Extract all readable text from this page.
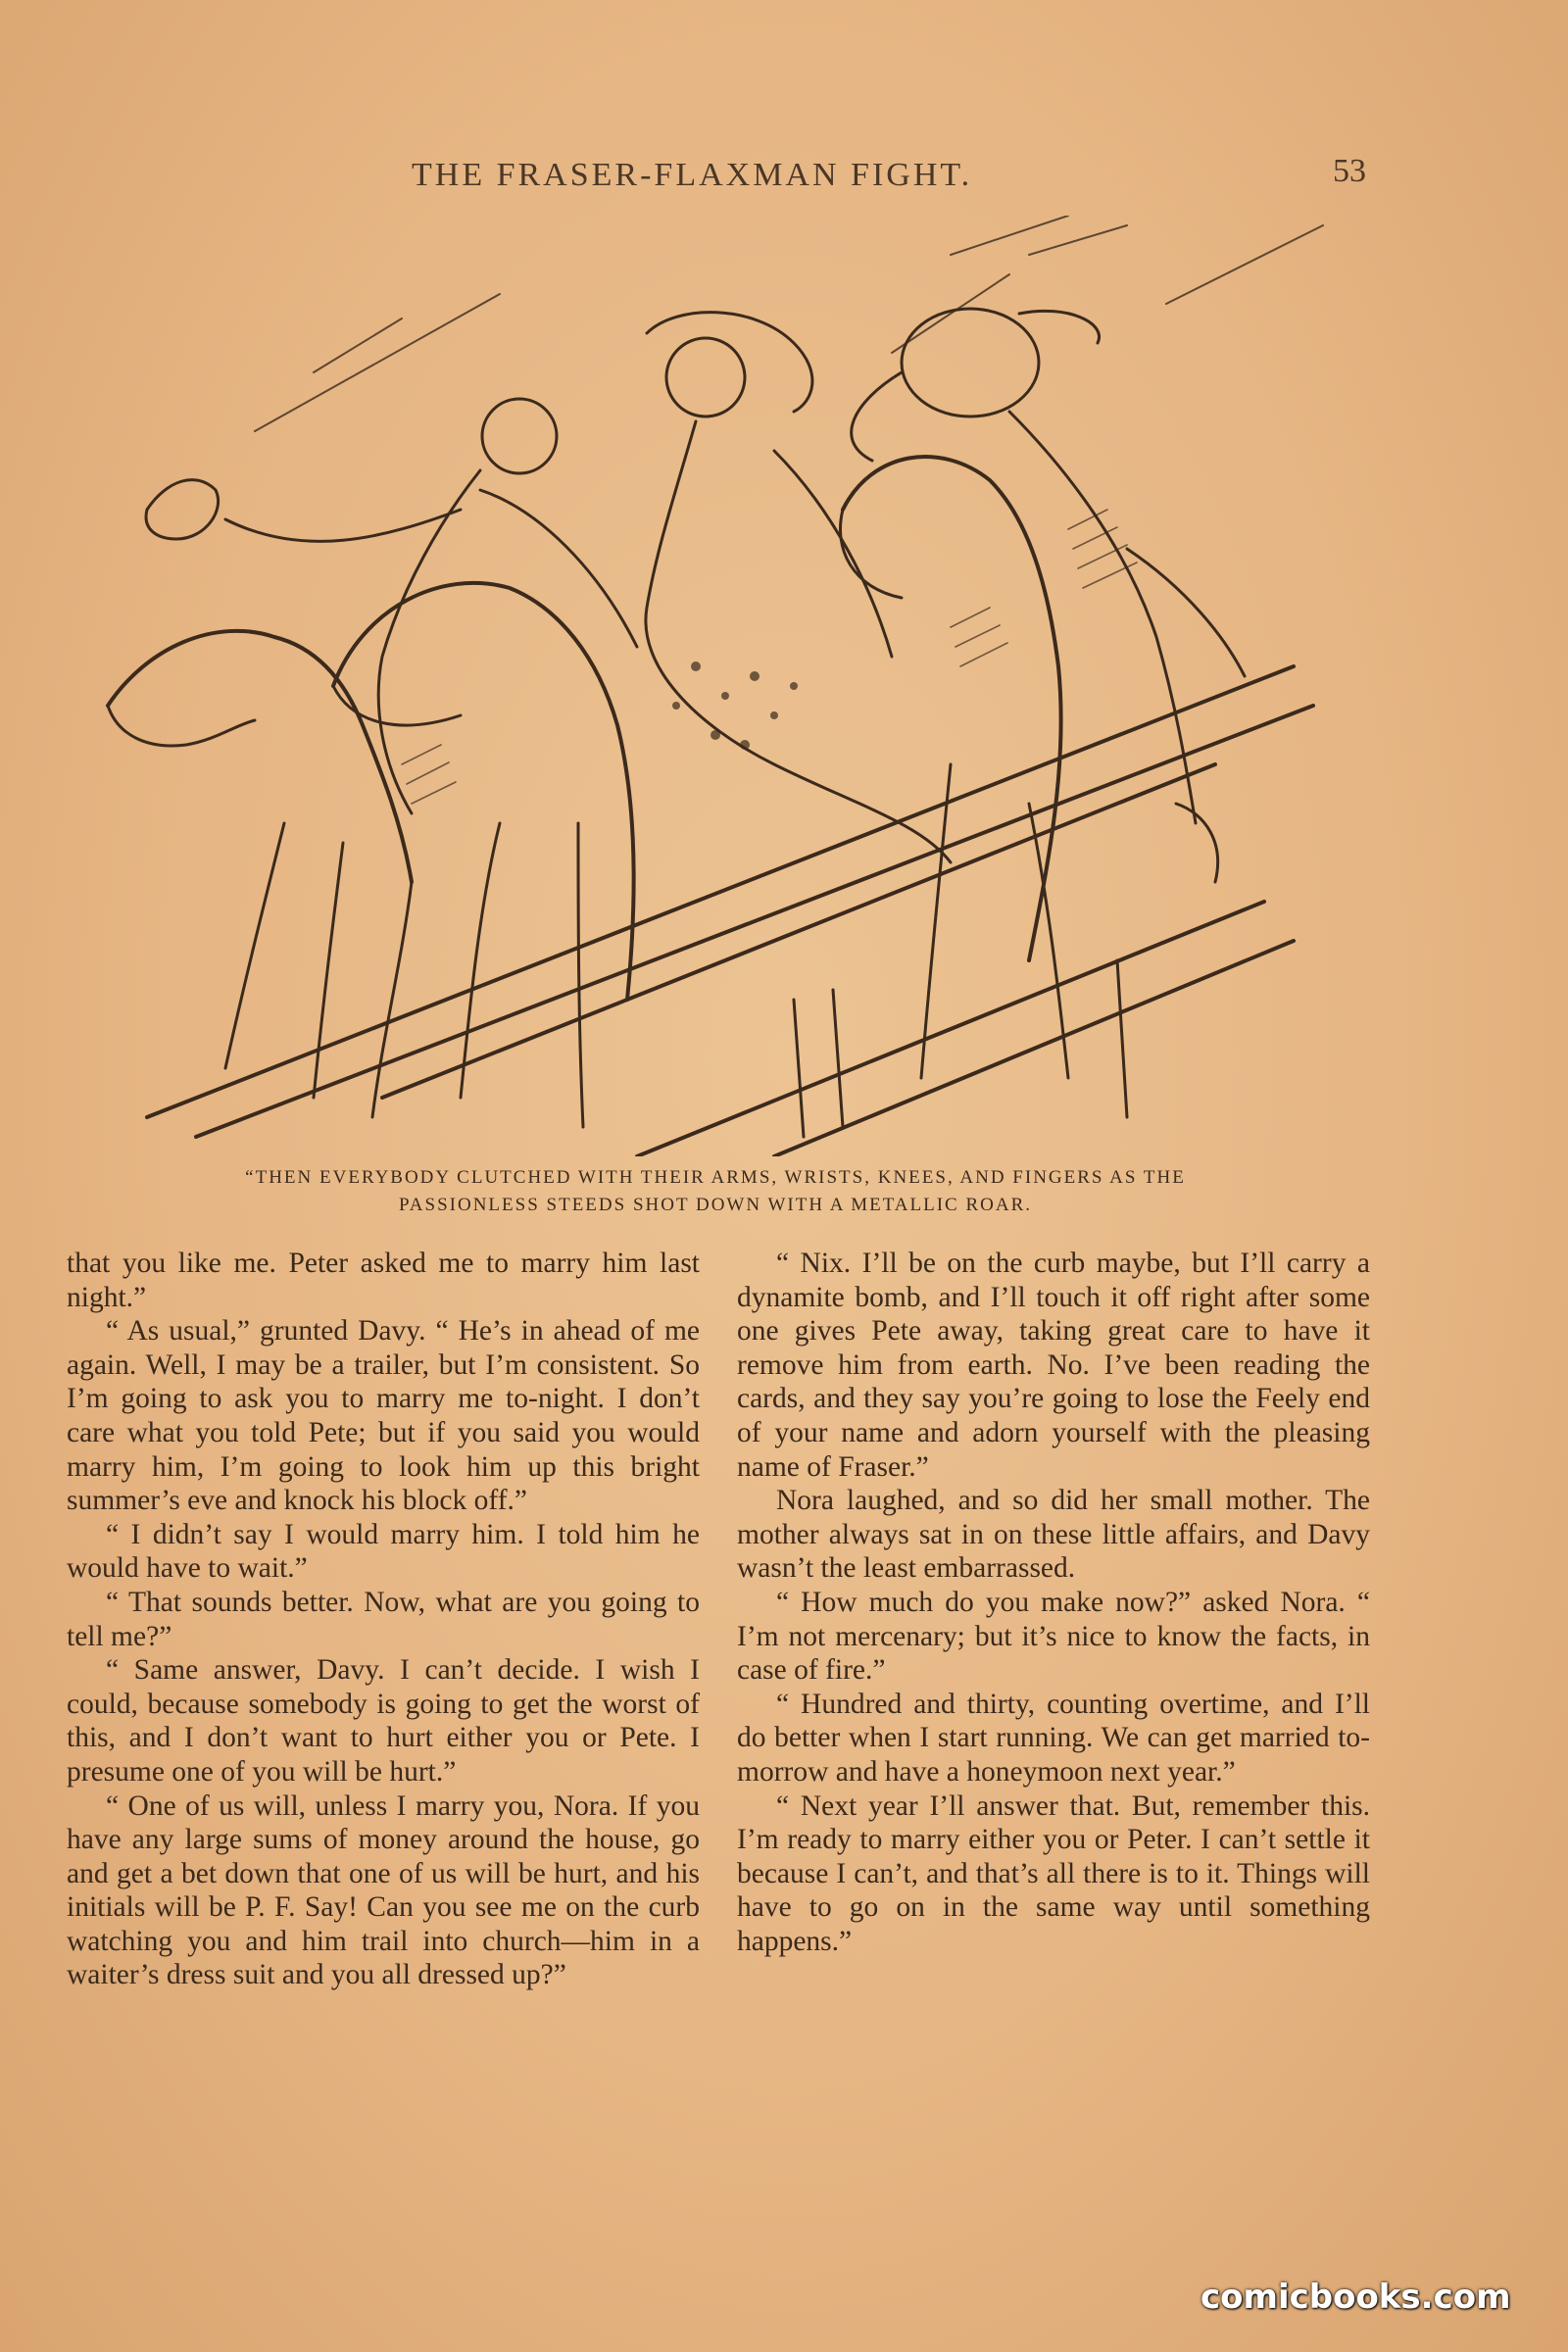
THE FRASER-FLAXMAN FIGHT.	53
“THEN EVERYBODY CLUTCHED WITH THEIR ARMS, WRISTS, KNEES, AND FINGERS AS THE
PASSIONLESS STEEDS SHOT DOWN WITH A METALLIC ROAR.

that you like me. Peter asked me to marry him last night.”

“ As usual,” grunted Davy. “ He’s in ahead of me again. Well, I may be a trailer, but I’m consistent. So I’m going to ask you to marry me to-night. I don’t care what you told Pete; but if you said you would marry him, I’m going to look him up this bright summer’s eve and knock his block off.”

“ I didn’t say I would marry him. I told him he would have to wait.”

“ That sounds better. Now, what are you going to tell me?”

“ Same answer, Davy. I can’t decide. I wish I could, because somebody is going to get the worst of this, and I don’t want to hurt either you or Pete. I presume one of you will be hurt.”

“ One of us will, unless I marry you, Nora. If you have any large sums of money around the house, go and get a bet down that one of us will be hurt, and his initials will be P. F. Say! Can you see me on the curb watching you and him trail into church—him in a waiter’s dress suit and you all dressed up?”

“ Nix. I’ll be on the curb maybe, but I’ll carry a dynamite bomb, and I’ll touch it off right after some one gives Pete away, taking great care to have it remove him from earth. No. I’ve been reading the cards, and they say you’re going to lose the Feely end of your name and adorn yourself with the pleasing name of Fraser.”

Nora laughed, and so did her small mother. The mother always sat in on these little affairs, and Davy wasn’t the least embarrassed.

“ How much do you make now?” asked Nora. “ I’m not mercenary; but it’s nice to know the facts, in case of fire.”

“ Hundred and thirty, counting overtime, and I’ll do better when I start running. We can get married to-morrow and have a honeymoon next year.”

“ Next year I’ll answer that. But, remember this. I’m ready to marry either you or Peter. I can’t settle it because I can’t, and that’s all there is to it. Things will have to go on in the same way until something happens.”

comicbooks.com
